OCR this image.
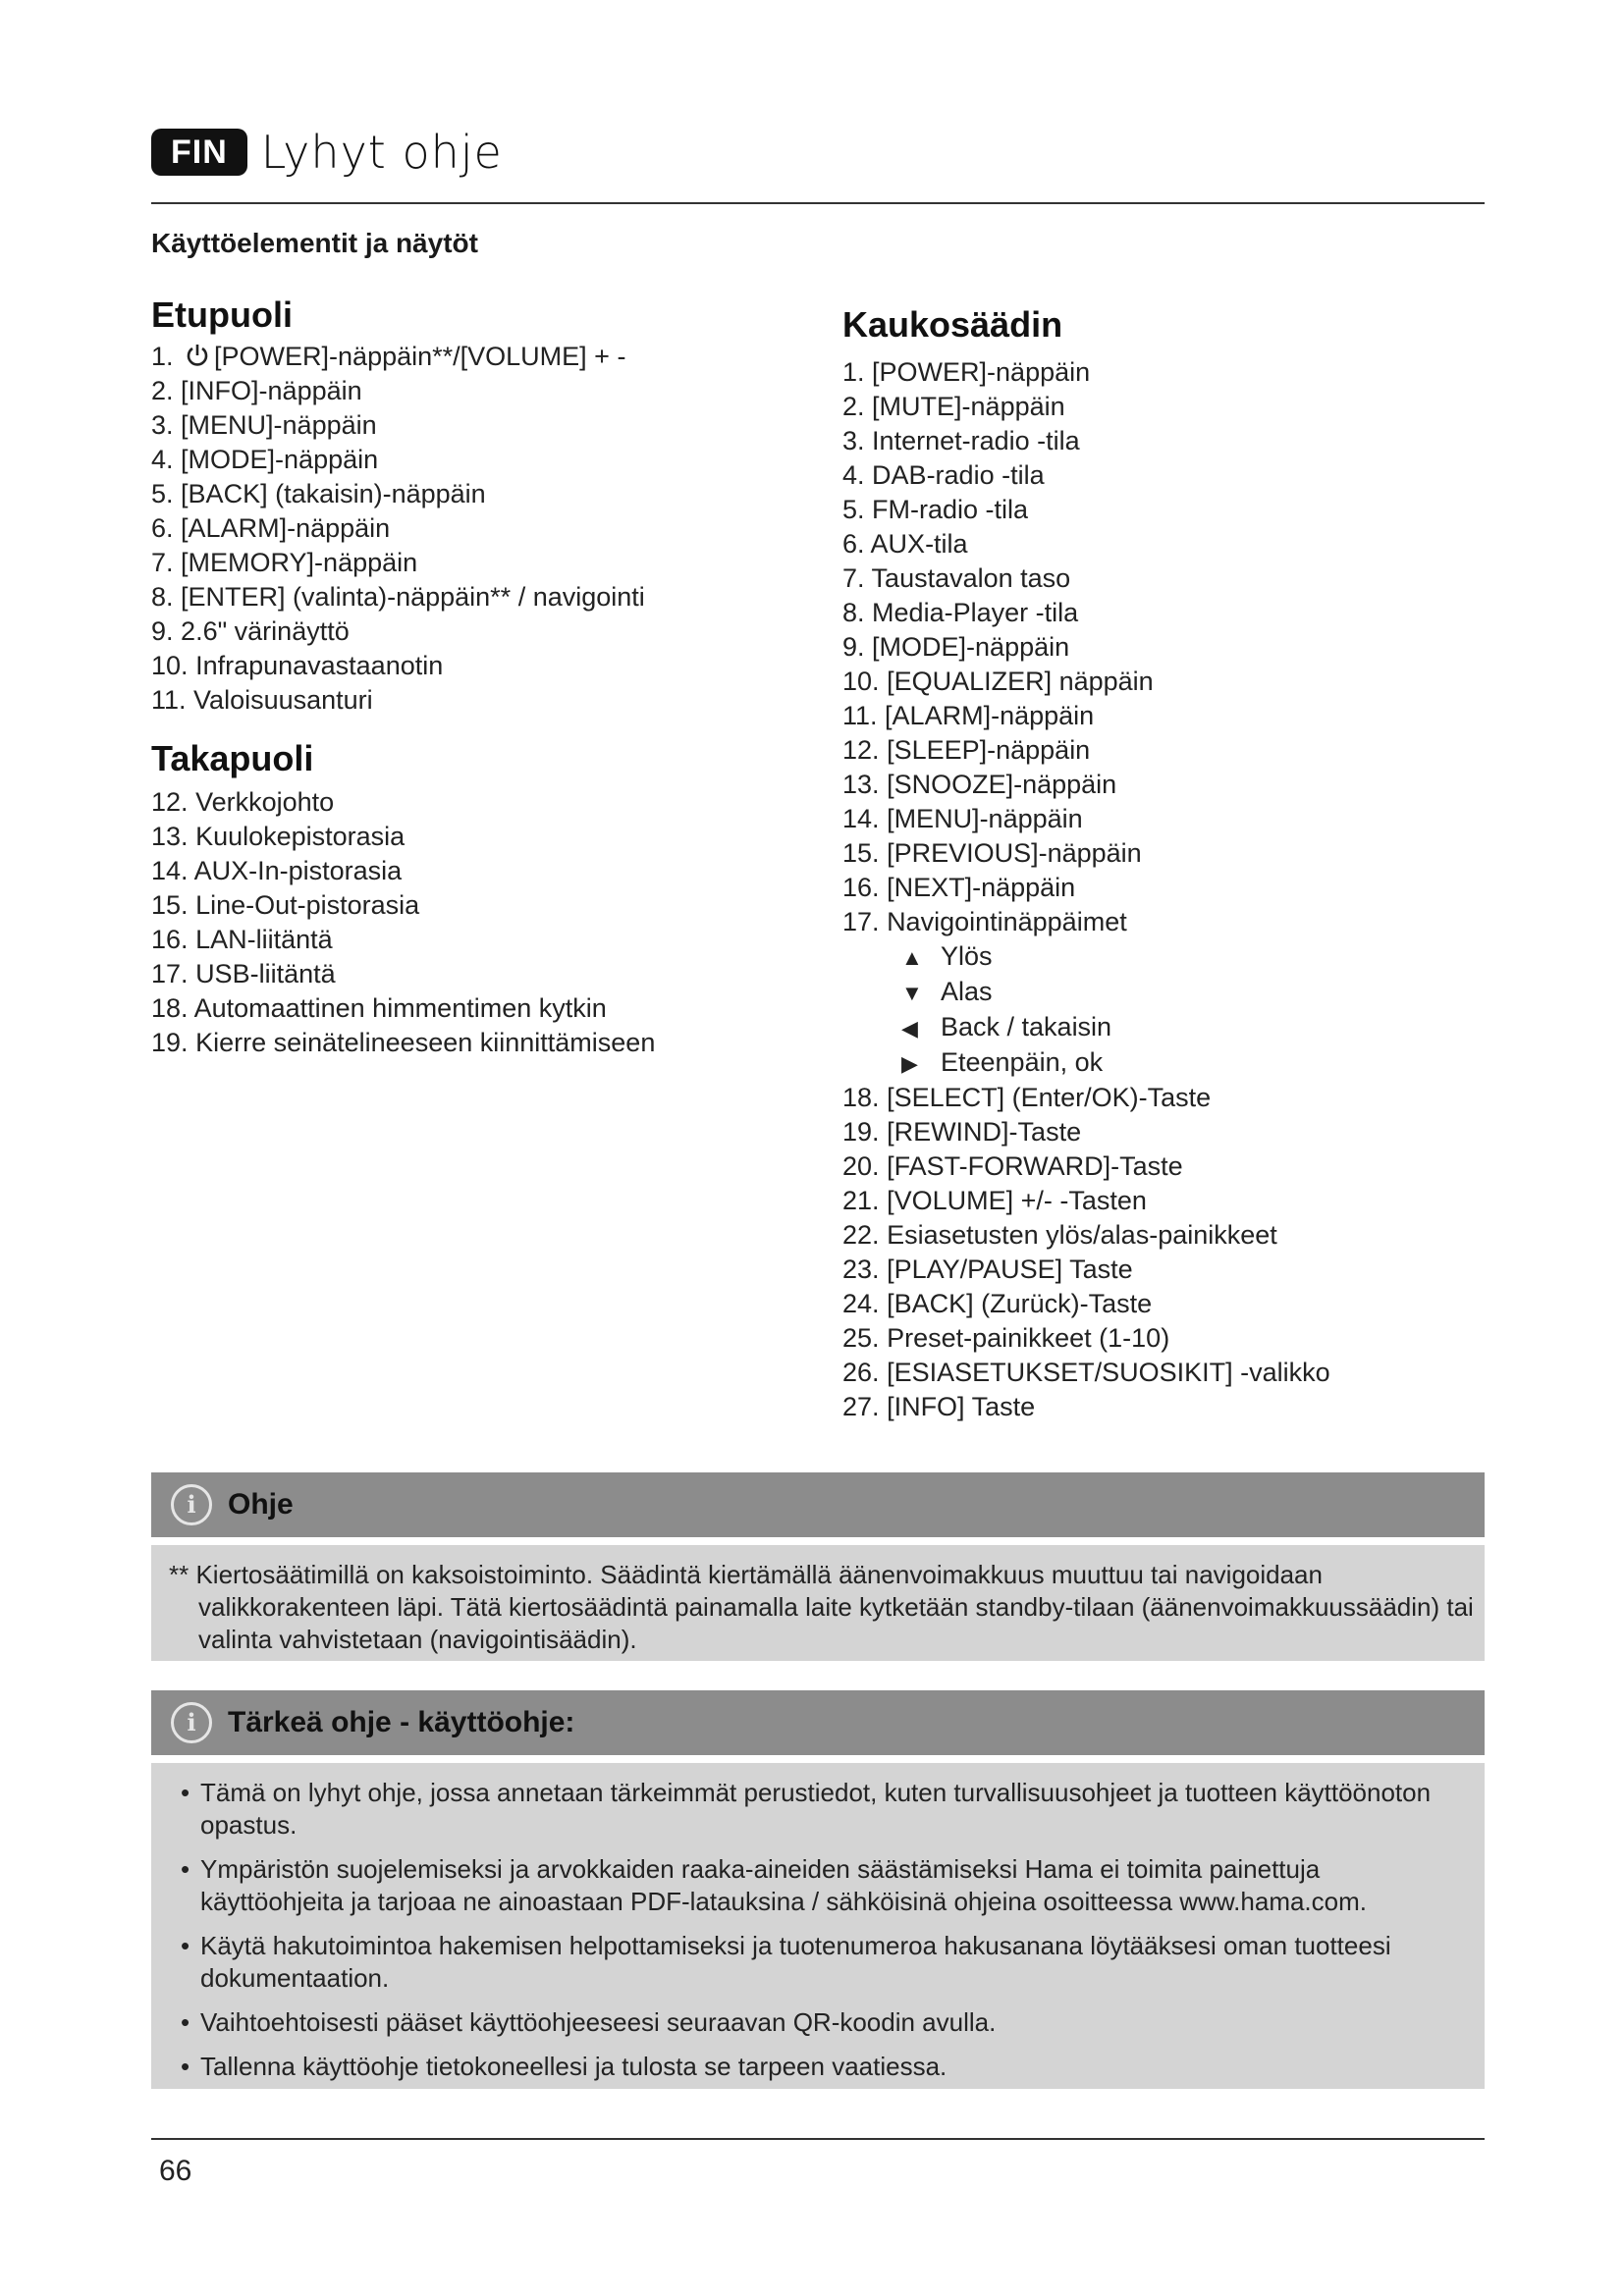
FIN Lyhyt ohje
Käyttöelementit ja näytöt
Etupuoli
1. [POWER]-näppäin**/[VOLUME] + -
2. [INFO]-näppäin
3. [MENU]-näppäin
4. [MODE]-näppäin
5. [BACK] (takaisin)-näppäin
6. [ALARM]-näppäin
7. [MEMORY]-näppäin
8. [ENTER] (valinta)-näppäin** / navigointi
9. 2.6" värinäyttö
10. Infrapunavastaanotin
11. Valoisuusanturi
Takapuoli
12. Verkkojohto
13. Kuulokepistorasia
14. AUX-In-pistorasia
15. Line-Out-pistorasia
16. LAN-liitäntä
17. USB-liitäntä
18. Automaattinen himmentimen kytkin
19. Kierre seinätelineeseen kiinnittämiseen
Kaukosäädin
1. [POWER]-näppäin
2. [MUTE]-näppäin
3. Internet-radio -tila
4. DAB-radio -tila
5. FM-radio -tila
6. AUX-tila
7. Taustavalon taso
8. Media-Player -tila
9. [MODE]-näppäin
10. [EQUALIZER] näppäin
11. [ALARM]-näppäin
12. [SLEEP]-näppäin
13. [SNOOZE]-näppäin
14. [MENU]-näppäin
15. [PREVIOUS]-näppäin
16. [NEXT]-näppäin
17. Navigointinäppäimet
▲ Ylös
▼ Alas
◀ Back / takaisin
▶ Eteenpäin, ok
18. [SELECT] (Enter/OK)-Taste
19. [REWIND]-Taste
20. [FAST-FORWARD]-Taste
21. [VOLUME] +/- -Tasten
22. Esiasetusten ylös/alas-painikkeet
23. [PLAY/PAUSE] Taste
24. [BACK] (Zurück)-Taste
25. Preset-painikkeet (1-10)
26. [ESIASETUKSET/SUOSIKIT] -valikko
27. [INFO] Taste
i	Ohje

** Kiertosäätimillä on kaksoistoiminto. Säädintä kiertämällä äänenvoimakkuus muuttuu tai navigoidaan

valikkorakenteen läpi. Tätä kiertosäädintä painamalla laite kytketään standby-tilaan (äänenvoimakkuussäädin) tai

valinta vahvistetaan (navigointisäädin).

i	Tärkeä ohje - käyttöohje:
• Tämä on lyhyt ohje, jossa annetaan tärkeimmät perustiedot, kuten turvallisuusohjeet ja tuotteen käyttöönoton opastus.
• Ympäristön suojelemiseksi ja arvokkaiden raaka-aineiden säästämiseksi Hama ei toimita painettuja käyttöohjeita ja tarjoaa ne ainoastaan PDF-latauksina / sähköisinä ohjeina osoitteessa www.hama.com.
• Käytä hakutoimintoa hakemisen helpottamiseksi ja tuotenumeroa hakusanana löytääksesi oman tuotteesi dokumentaation.
• Vaihtoehtoisesti pääset käyttöohjeeseesi seuraavan QR-koodin avulla.
• Tallenna käyttöohje tietokoneellesi ja tulosta se tarpeen vaatiessa.
66
